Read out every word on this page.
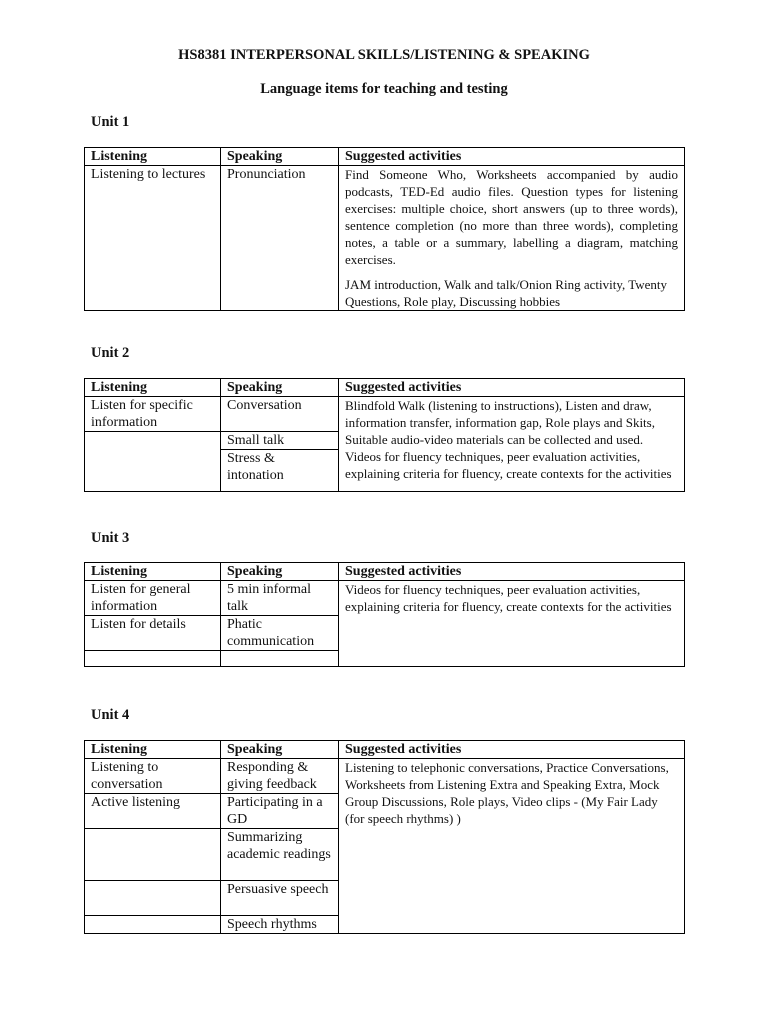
HS8381 INTERPERSONAL SKILLS/LISTENING & SPEAKING
Language items for teaching and testing
Unit 1
Listening	Speaking	Suggested activities
Listening to lectures	Pronunciation	Find Someone Who, Worksheets accompanied by audio podcasts, TED-Ed audio files. Question types for listening exercises: multiple choice, short answers (up to three words), sentence completion (no more than three words), completing notes, a table or a summary, labelling a diagram, matching exercises.
JAM introduction, Walk and talk/Onion Ring activity, Twenty Questions, Role play, Discussing hobbies
Unit 2
Listening	Speaking	Suggested activities
Listen for specific information	Conversation	Blindfold Walk (listening to instructions), Listen and draw, information transfer, information gap, Role plays and Skits, Suitable audio-video materials can be collected and used. Videos for fluency techniques, peer evaluation activities, explaining criteria for fluency, create contexts for the activities
	Small talk	
	Stress & intonation	
Unit 3
Listening	Speaking	Suggested activities
Listen for general information	5 min informal talk	Videos for fluency techniques, peer evaluation activities, explaining criteria for fluency, create contexts for the activities
Listen for details	Phatic communication	

Unit 4
Listening	Speaking	Suggested activities
Listening to conversation	Responding & giving feedback	Listening to telephonic conversations, Practice Conversations, Worksheets from Listening Extra and Speaking Extra, Mock Group Discussions, Role plays, Video clips - (My Fair Lady (for speech rhythms) )
Active listening	Participating in a GD	
	Summarizing academic readings	
	Persuasive speech	
	Speech rhythms	
